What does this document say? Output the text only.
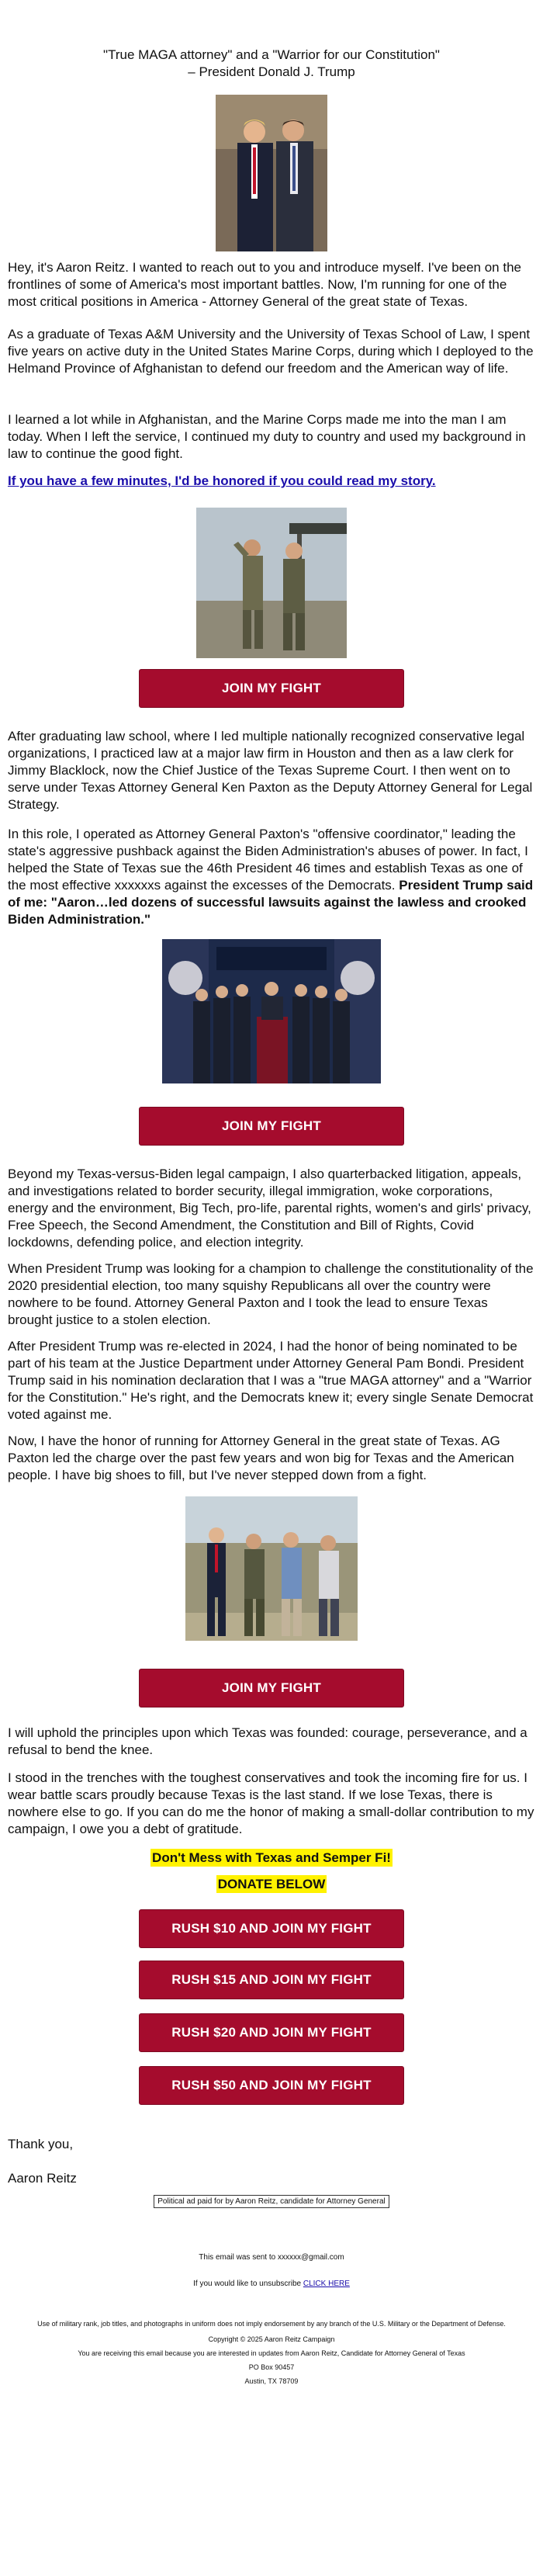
"True MAGA attorney" and a "Warrior for our Constitution"
– President Donald J. Trump

Hey, it's Aaron Reitz. I wanted to reach out to you and introduce myself. I've been on the frontlines of some of America's most important battles. Now, I'm running for one of the most critical positions in America - Attorney General of the great state of Texas.

As a graduate of Texas A&M University and the University of Texas School of Law, I spent five years on active duty in the United States Marine Corps, during which I deployed to the Helmand Province of Afghanistan to defend our freedom and the American way of life.

I learned a lot while in Afghanistan, and the Marine Corps made me into the man I am today. When I left the service, I continued my duty to country and used my background in law to continue the good fight.

If you have a few minutes, I'd be honored if you could read my story.
JOIN MY FIGHT

After graduating law school, where I led multiple nationally recognized conservative legal organizations, I practiced law at a major law firm in Houston and then as a law clerk for Jimmy Blacklock, now the Chief Justice of the Texas Supreme Court. I then went on to serve under Texas Attorney General Ken Paxton as the Deputy Attorney General for Legal Strategy.

In this role, I operated as Attorney General Paxton's "offensive coordinator," leading the state's aggressive pushback against the Biden Administration's abuses of power. In fact, I helped the State of Texas sue the 46th President 46 times and establish Texas as one of the most effective xxxxxxs against the excesses of the Democrats. President Trump said of me: "Aaron…led dozens of successful lawsuits against the lawless and crooked Biden Administration."

JOIN MY FIGHT

Beyond my Texas-versus-Biden legal campaign, I also quarterbacked litigation, appeals, and investigations related to border security, illegal immigration, woke corporations, energy and the environment, Big Tech, pro-life, parental rights, women's and girls' privacy, Free Speech, the Second Amendment, the Constitution and Bill of Rights, Covid lockdowns, defending police, and election integrity.

When President Trump was looking for a champion to challenge the constitutionality of the 2020 presidential election, too many squishy Republicans all over the country were nowhere to be found. Attorney General Paxton and I took the lead to ensure Texas brought justice to a stolen election.

After President Trump was re-elected in 2024, I had the honor of being nominated to be part of his team at the Justice Department under Attorney General Pam Bondi. President Trump said in his nomination declaration that I was a "true MAGA attorney" and a "Warrior for the Constitution." He's right, and the Democrats knew it; every single Senate Democrat voted against me.

Now, I have the honor of running for Attorney General in the great state of Texas. AG Paxton led the charge over the past few years and won big for Texas and the American people. I have big shoes to fill, but I've never stepped down from a fight.

JOIN MY FIGHT

I will uphold the principles upon which Texas was founded: courage, perseverance, and a refusal to bend the knee.

I stood in the trenches with the toughest conservatives and took the incoming fire for us. I wear battle scars proudly because Texas is the last stand. If we lose Texas, there is nowhere else to go. If you can do me the honor of making a small-dollar contribution to my campaign, I owe you a debt of gratitude.

Don't Mess with Texas and Semper Fi!
DONATE BELOW
RUSH $10 AND JOIN MY FIGHT
RUSH $15 AND JOIN MY FIGHT
RUSH $20 AND JOIN MY FIGHT
RUSH $50 AND JOIN MY FIGHT

Thank you,

Aaron Reitz

Political ad paid for by Aaron Reitz, candidate for Attorney General
This email was sent to xxxxxx@gmail.com
If you would like to unsubscribe CLICK HERE
Use of military rank, job titles, and photographs in uniform does not imply endorsement by any branch of the U.S. Military or the Department of Defense.
Copyright © 2025 Aaron Reitz Campaign
You are receiving this email because you are interested in updates from Aaron Reitz, Candidate for Attorney General of Texas
PO Box 90457
Austin, TX 78709
